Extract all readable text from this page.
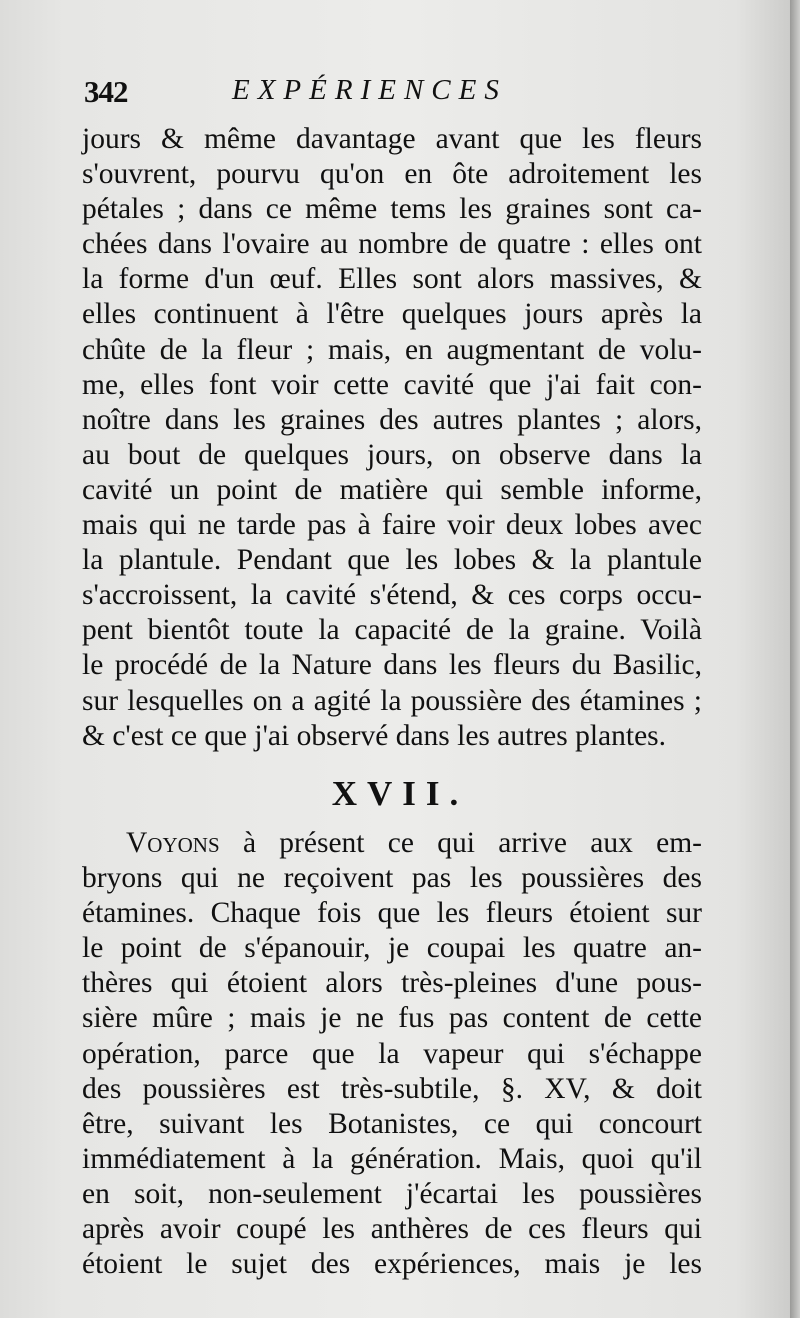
342	EXPÉRIENCES
jours & même davantage avant que les fleurs
s'ouvrent, pourvu qu'on en ôte adroitement les
pétales ; dans ce même tems les graines sont ca-
chées dans l'ovaire au nombre de quatre : elles ont
la forme d'un œuf. Elles sont alors massives, &
elles continuent à l'être quelques jours après la
chûte de la fleur ; mais, en augmentant de volu-
me, elles font voir cette cavité que j'ai fait con-
noître dans les graines des autres plantes ; alors,
au bout de quelques jours, on observe dans la
cavité un point de matière qui semble informe,
mais qui ne tarde pas à faire voir deux lobes avec
la plantule. Pendant que les lobes & la plantule
s'accroissent, la cavité s'étend, & ces corps occu-
pent bientôt toute la capacité de la graine. Voilà
le procédé de la Nature dans les fleurs du Basilic,
sur lesquelles on a agité la poussière des étamines ;
& c'est ce que j'ai observé dans les autres plantes.
XVII.
Voyons à présent ce qui arrive aux em-
bryons qui ne reçoivent pas les poussières des
étamines. Chaque fois que les fleurs étoient sur
le point de s'épanouir, je coupai les quatre an-
thères qui étoient alors très-pleines d'une pous-
sière mûre ; mais je ne fus pas content de cette
opération, parce que la vapeur qui s'échappe
des poussières est très-subtile, §. XV, & doit
être, suivant les Botanistes, ce qui concourt
immédiatement à la génération. Mais, quoi qu'il
en soit, non-seulement j'écartai les poussières
après avoir coupé les anthères de ces fleurs qui
étoient le sujet des expériences, mais je les
